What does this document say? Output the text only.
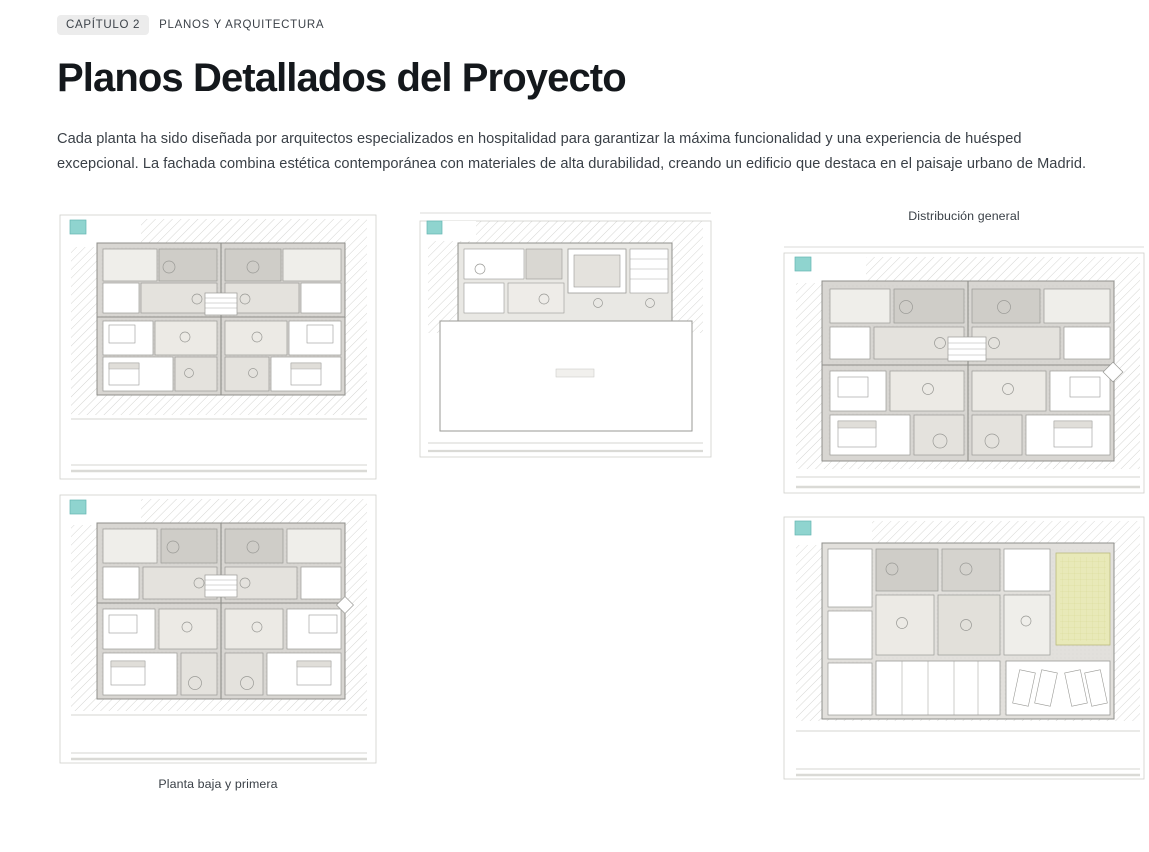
CAPÍTULO 2	PLANOS Y ARQUITECTURA
Planos Detallados del Proyecto

Cada planta ha sido diseñada por arquitectos especializados en hospitalidad para garantizar la máxima funcionalidad y una experiencia de huésped excepcional. La fachada combina estética contemporánea con materiales de alta durabilidad, creando un edificio que destaca en el paisaje urbano de Madrid.

Distribución general
Planta baja y primera
